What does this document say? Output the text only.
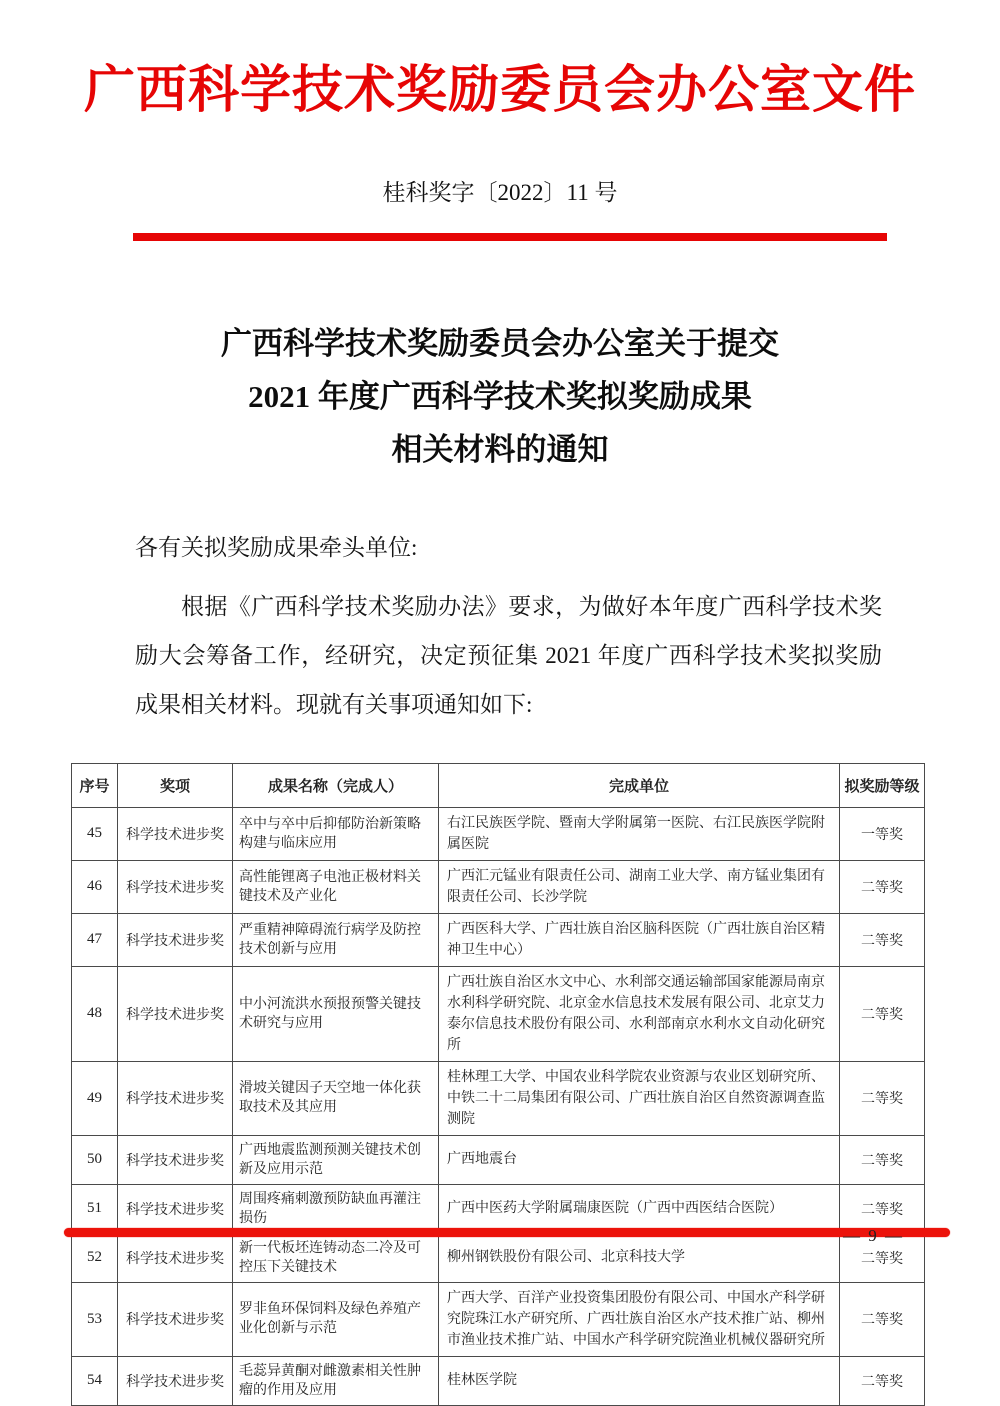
广西科学技术奖励委员会办公室文件
桂科奖字〔2022〕11 号
广西科学技术奖励委员会办公室关于提交
2021 年度广西科学技术奖拟奖励成果
相关材料的通知
各有关拟奖励成果牵头单位:
根据《广西科学技术奖励办法》要求，为做好本年度广西科学技术奖励大会筹备工作，经研究，决定预征集 2021 年度广西科学技术奖拟奖励成果相关材料。现就有关事项通知如下:
序号	奖项	成果名称（完成人）	完成单位	拟奖励等级
45	科学技术进步奖	卒中与卒中后抑郁防治新策略构建与临床应用	右江民族医学院、暨南大学附属第一医院、右江民族医学院附属医院	一等奖
46	科学技术进步奖	高性能锂离子电池正极材料关键技术及产业化	广西汇元锰业有限责任公司、湖南工业大学、南方锰业集团有限责任公司、长沙学院	二等奖
47	科学技术进步奖	严重精神障碍流行病学及防控技术创新与应用	广西医科大学、广西壮族自治区脑科医院（广西壮族自治区精神卫生中心）	二等奖
48	科学技术进步奖	中小河流洪水预报预警关键技术研究与应用	广西壮族自治区水文中心、水利部交通运输部国家能源局南京水利科学研究院、北京金水信息技术发展有限公司、北京艾力泰尔信息技术股份有限公司、水利部南京水利水文自动化研究所	二等奖
49	科学技术进步奖	滑坡关键因子天空地一体化获取技术及其应用	桂林理工大学、中国农业科学院农业资源与农业区划研究所、中铁二十二局集团有限公司、广西壮族自治区自然资源调查监测院	二等奖
50	科学技术进步奖	广西地震监测预测关键技术创新及应用示范	广西地震台	二等奖
51	科学技术进步奖	周围疼痛刺激预防缺血再灌注损伤	广西中医药大学附属瑞康医院（广西中西医结合医院）	二等奖
52	科学技术进步奖	新一代板坯连铸动态二冷及可控压下关键技术	柳州钢铁股份有限公司、北京科技大学	二等奖
53	科学技术进步奖	罗非鱼环保饲料及绿色养殖产业化创新与示范	广西大学、百洋产业投资集团股份有限公司、中国水产科学研究院珠江水产研究所、广西壮族自治区水产技术推广站、柳州市渔业技术推广站、中国水产科学研究院渔业机械仪器研究所	二等奖
54	科学技术进步奖	毛蕊异黄酮对雌激素相关性肿瘤的作用及应用	桂林医学院	二等奖
— 9 —
